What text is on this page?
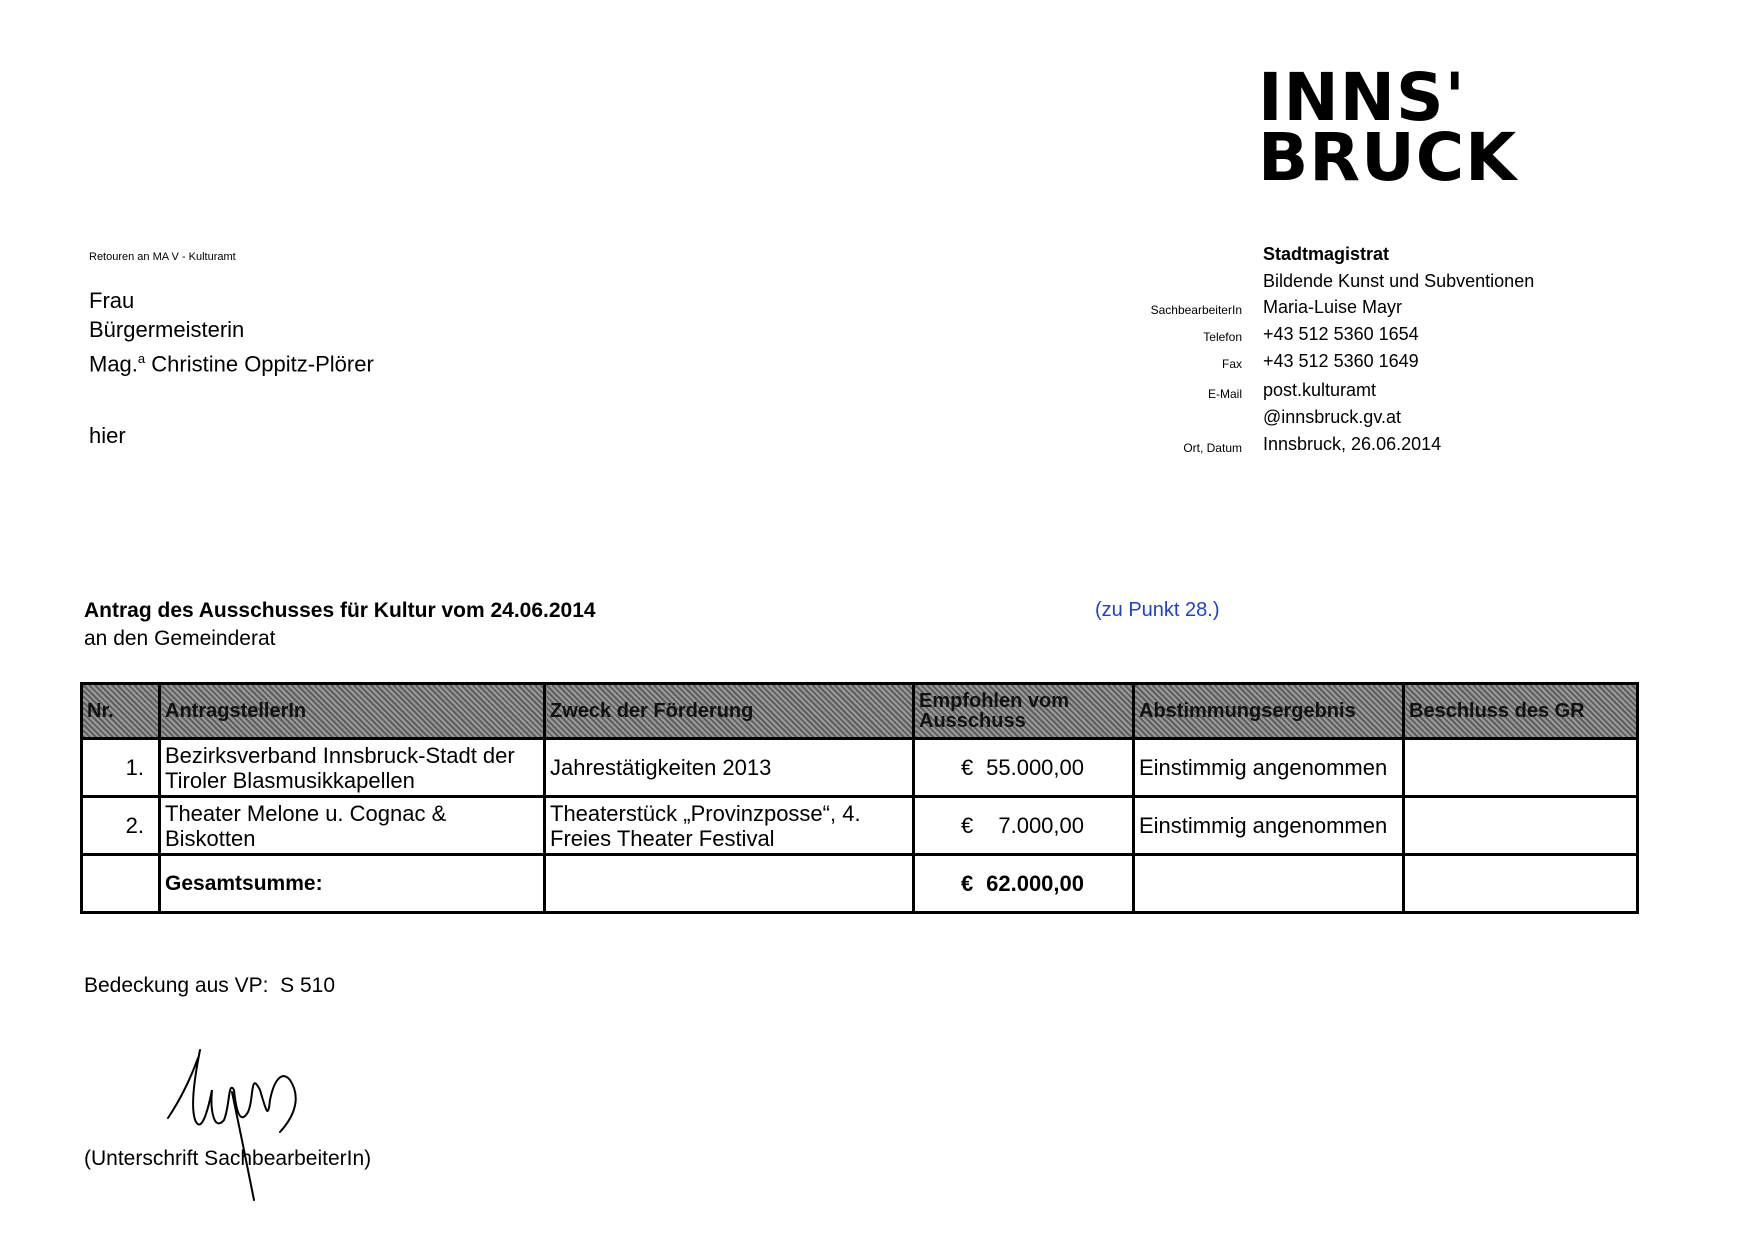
INNS'
BRUCK
Retouren an MA V - Kulturamt
Frau
Bürgermeisterin
Mag.$^a$ Christine Oppitz-Plörer
hier
Stadtmagistrat
Bildende Kunst und Subventionen
SachbearbeiterIn Maria-Luise Mayr
Telefon +43 512 5360 1654
Fax +43 512 5360 1649
E-Mail post.kulturamt
@innsbruck.gv.at
Ort, Datum Innsbruck, 26.06.2014
Antrag des Ausschusses für Kultur vom 24.06.2014
an den Gemeinderat
(zu Punkt 28.)
Nr.	AntragstellerIn	Zweck der Förderung	Empfohlen vom Ausschuss	Abstimmungsergebnis	Beschluss des GR
1.	Bezirksverband Innsbruck-Stadt der Tiroler Blasmusikkapellen	Jahrestätigkeiten 2013	€ 55.000,00	Einstimmig angenommen	
2.	Theater Melone u. Cognac & Biskotten	Theaterstück „Provinzposse“, 4. Freies Theater Festival	€ 7.000,00	Einstimmig angenommen	
	Gesamtsumme:		€ 62.000,00		

Bedeckung aus VP:  S 510
(Unterschrift SachbearbeiterIn)
